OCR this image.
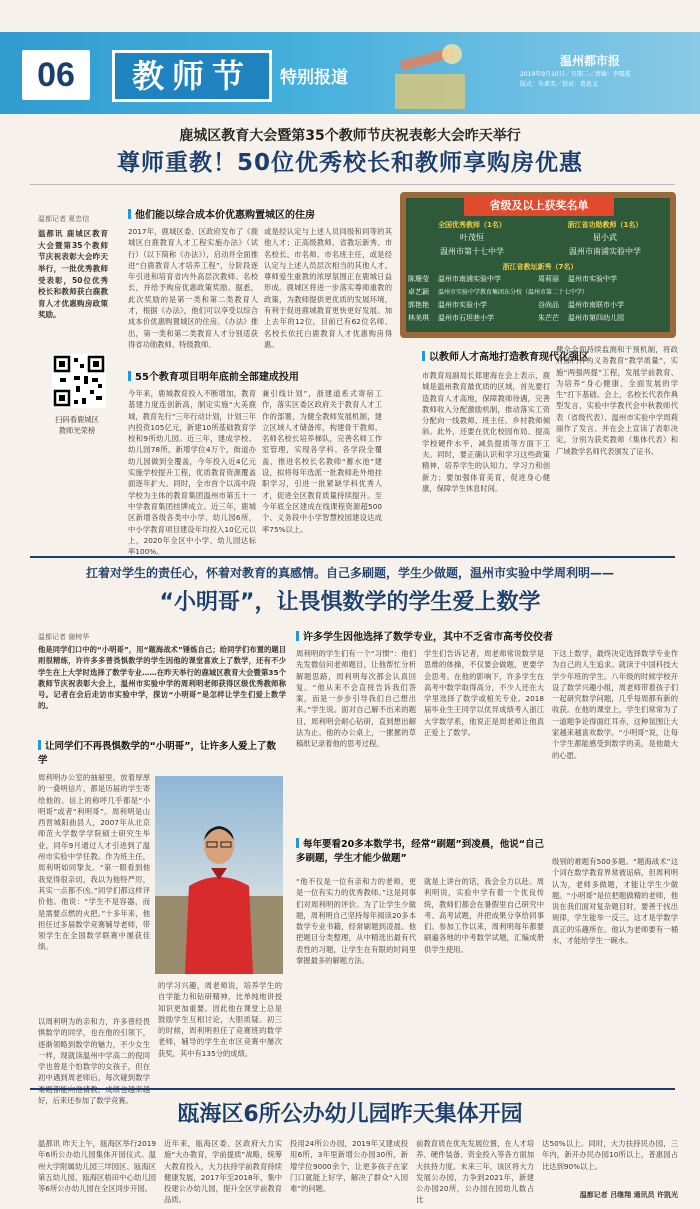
06	教师节	特别报道
温州都市报
2019年9月10日／星期二／责编：李震霞
版式：朱素美／校对：葛恩义
鹿城区教育大会暨第35个教师节庆祝表彰大会昨天举行
尊师重教！50位优秀校长和教师享购房优惠
温都记者 夏忠信
温都讯 鹿城区教育大会暨第35个教师节庆祝表彰大会昨天举行，一批优秀教师受表彰，50位优秀校长和教师获白鹿教育人才优惠购房政策奖励。
扫码看鹿城区教师光荣榜
他们能以综合成本价优惠购置城区的住房
2017年，鹿城区委、区政府发布了《鹿城区白鹿教育人才工程实施办法》（试行）（以下简称《办法》），启动并全面推进“白鹿教育人才培养工程”，分阶段逐年引进和培育省内外高层次教师、名校长，并给予购房优惠政策奖励。据悉，此次奖励的是第一类和第二类教育人才，根据《办法》，他们可以享受以综合成本价优惠购置城区的住房。《办法》推出，第一类和第二类教育人才分别适获得省功勋教师、特级教师、
或是经认定与上述人员同级和同等的其他人才；正高级教师、省教坛新秀、市名校长、市名师、市名班主任，或是经认定与上述人员层次相当的其他人才。尊师爱生重教的浓厚氛围正在鹿城日益形成。鹿城区将进一步落实尊师重教的政策，为教师提供更优质的发展环境，有利于促进鹿城教育更快更好发展。加上去年的12位，目前已有62位名师、名校长依托白鹿教育人才优惠购房得惠。
55个教育项目明年底前全部建成投用
今年来，鹿城教育投入不断增加，教育基建力度连创新高，制定实施“大美鹿城，教育先行”三年行动计划，计划三年内投资105亿元，新建10所基础教育学校和9所幼儿园。近三年，建成学校、幼儿园78所，新增学位4万个，街道办幼儿园做到全覆盖，今年投入近4亿元实施学校提升工程，优质教育资源覆盖面逐年扩大。同时，全市首个以高中段学校为主体的教育集团温州市第五十一中学教育集团挂牌成立。近三年，鹿城区新增各级各类中小学、幼儿园6所，中小学教育项目建设年均投入10亿元以上，2020年全区中小学、幼儿园达标率100%。
兼引线计划”，浙建道系式寄宿工作，落实区委区政府关于教育人才工作的部署，为健全教师发展机制，建立区域人才储备库，构建骨干教师、名师名校长培养梯队，完善名师工作室管理，实现各学科、各学段全覆盖，推进名校长名教师“蓄水池”建设，拟将每年选派一批教师赴外地挂职学习，引进一批紧缺学科优秀人才，促进全区教育质量持续提升。至今年底全区建成在线课程资源超500个、义务段中小学智慧校园建设达成率75%以上。
省级及以上获奖名单
全国优秀教师（1名）
叶茂恒
温州市第十七中学
浙江省功勋教师（1名）
屈小武
温州市南浦实验中学
浙江省教坛新秀（7名）
陈珊莹	温州市南浦实验中学	周莉丽	温州市实验中学
卓艺颖	温州市实验中学教育集团东分校（温州市第二十七中学）
郭艳艳	温州市实验小学	谷尚品	温州市南联市小学
林美琪	温州市石坦巷小学	朱芒芒	温州市第四幼儿园
以教师人才高地打造教育现代化强区
市教育局副局长郑建海在会上表示，鹿城是温州教育最优质的区域，首先要打造教育人才高地，保障教师待遇，完善教师收入分配激励机制，推动落实工资分配向一线教师、班主任、乡村教师倾斜。此外，还要在优化校园布局、提高学校硬件水平，减负提质等方面下工夫。同时，要正确认识和学习这些政策精神，培养学生的认知力、学习力和创新力；要加强体育美育，促进身心健康，保障学生休息时间。
健全全面持续监测和干预机制，将政府部门作为义务教育“教学质量”，实施“两强两提”工程，发展学前教育、为培养“身心健康、全面发展的学生”打下基础。会上，名校长代表作典型发言，实验中学教代会中秋教师代表（省级代表）、温州市实验中学周莉丽作了发言、并在会上宣读了表彰决定，分别为获奖教师（集体代表）和广域教学名师代表颁发了证书。
扛着对学生的责任心，怀着对教育的真感情。自己多刷题，学生少做题，温州市实验中学周利明——
“小明哥”，让畏惧数学的学生爱上数学
温都记者 谢树华
他是同学们口中的“小明哥”，用“题海战术”锤炼自己；给同学们布置的题目则很精练，许许多多曾畏惧数学的学生因他的课堂喜欢上了数学，还有不少学生在上大学时选择了数学专业……在昨天举行的鹿城区教育大会暨第35个教师节庆祝表彰大会上，温州市实验中学的周利明老师获得区级优秀教师称号。记者在会后走访市实验中学，探访“小明哥”是怎样让学生们爱上数学的。
让同学们不再畏惧数学的“小明哥”，让许多人爱上了数学
周利明办公室的抽屉里，放着厚厚的一叠明信片，都是历届的学生寄给他的。信上的称呼几乎都是“小明哥”或者“利明哥”。周利明是山西晋城阳曲县人，2007年从北京师范大学数学学院硕士研究生毕业，同年9月通过人才引进到了温州市实验中学任教。作为班主任，周利明如同挚友。“第一眼看到他我觉得很亲切，我以为他特严厉，其实一点都不凶。”同学们都这样评价他。他说：“学生不是容器，而是需要点燃的火把。”十多年来，他担任过多届数学竞赛辅导老师，带领学生在全国数学联赛中屡获佳绩。
以周利明为的亲和力，许多曾经畏惧数学的同学，也在他的引领下，逐渐领略到数学的魅力，不少女生一样，现就读温州中学高二的倪同学也曾是个怕数学的女孩子，但在初中遇到周老师后，每次碰到数学 好，后来还参加了数学竞赛。
的学习兴趣，周老师说，培养学生的自学能力和钻研精神，比单纯地讲授知识更加重要。因此他在课堂上总是鼓励学生互相讨论，大胆质疑。初三的时候，周利明担任了竞赛班的数学老师，辅导的学生在市区竞赛中屡次获奖，其中有135分的成绩。
许多学生因他选择了数学专业，其中不乏省市高考佼佼者
周利明的学生们有一个“习惯”：他们先发微信问老师题目，让他帮忙分析解题思路，周利明每次都会认真回复。“他从来不会直接告诉我们答案，而是一步步引导我们自己想出来。”学生说。面对自己解不出来的题目，周利明会耐心钻研，直到想出解法为止。他的办公桌上，一摞摞的草稿纸记录着他的思考过程。
学生们告诉记者，周老师常说数学是思维的体操，不仅要会做题，更要学会思考。在他的影响下，许多学生在高考中数学取得高分，不少人还在大学里选择了数学或相关专业。2018届毕业生王同学以优异成绩考入浙江大学数学系，他说正是周老师让他真正爱上了数学。
下这上数学，最终决定选择数学专业作为自己的人生追求。就读于中国科技大学少年班的学生。八年级的时候学校开设了数学兴趣小组，周老师带着孩子们一起研究数学问题，几乎每周都有新的收获。在他的课堂上，学生们常常为了一道题争论得面红耳赤，这种氛围让大家越来越喜欢数学。“小明哥”说，让每个学生都能感受到数学的美，是他最大的心愿。
每年要看20多本数学书，经常“刷题”到凌晨，他说“自己多刷题，学生才能少做题”
“他不仅是一位有亲和力的老师，更是一位有实力的优秀教师。”这是同事们对周利明的评价。为了让学生少做题，周利明自己坚持每年阅读20多本数学专业书籍，经常刷题到凌晨。他把题目分类整理，从中精选出最有代表性的习题，让学生在有限的时间里掌握最多的解题方法。
就是上讲台的话，我会全力以赴。周利明说，实验中学有着一个优良传统，教师们都会在暑假里自己研究中考、高考试题，并把成果分享给同事们。参加工作以来，周利明每年都要刷遍各地的中考数学试题，汇编成册供学生使用。
级别的难题有500多题。“题海战术”这个词在数学教育界常被诟病，但周利明认为，老师多做题，才能让学生少做题。“小明哥”是位把题做精的老师，他说在我们面对复杂题目时，要善于找出规律，学生能举一反三，这才是学数学真正的乐趣所在。他认为老师要有一桶水，才能给学生一碗水。
瓯海区6所公办幼儿园昨天集体开园
温都讯 昨天上午，瓯海区举行2019年6所公办幼儿园集体开园仪式。温州大学附属幼儿园三垟园区、瓯海区第五幼儿园、瓯海区梧田中心幼儿园等6所公办幼儿园在全区同步开园。
近年来，瓯海区委、区政府大力实施“大办教育，学前提质”战略，统筹大教育投入，大力扶持学前教育持续健康发展，2017年至2018年，集中投建公办幼儿园，提升全区学前教育品质。
投用24所公办园，2019年又建成投用6所，3年里新增公办园30所，新增学位9000余个，让更多孩子在家门口就能上好学，解决了群众“入园难”的问题。
前教育质在优先发展位置，在人才培养、硬件装备、资金投入等各方面加大扶持力度。未来三年，该区将大力发展公办园，力争到2021年，新建公办园20所，公办园在园幼儿数占比
达50%以上。同时，大力扶持民办园，三年内，新开办民办园10所以上，普惠园占比达到90%以上。
温都记者 吕继翔 通讯员 许凯光
